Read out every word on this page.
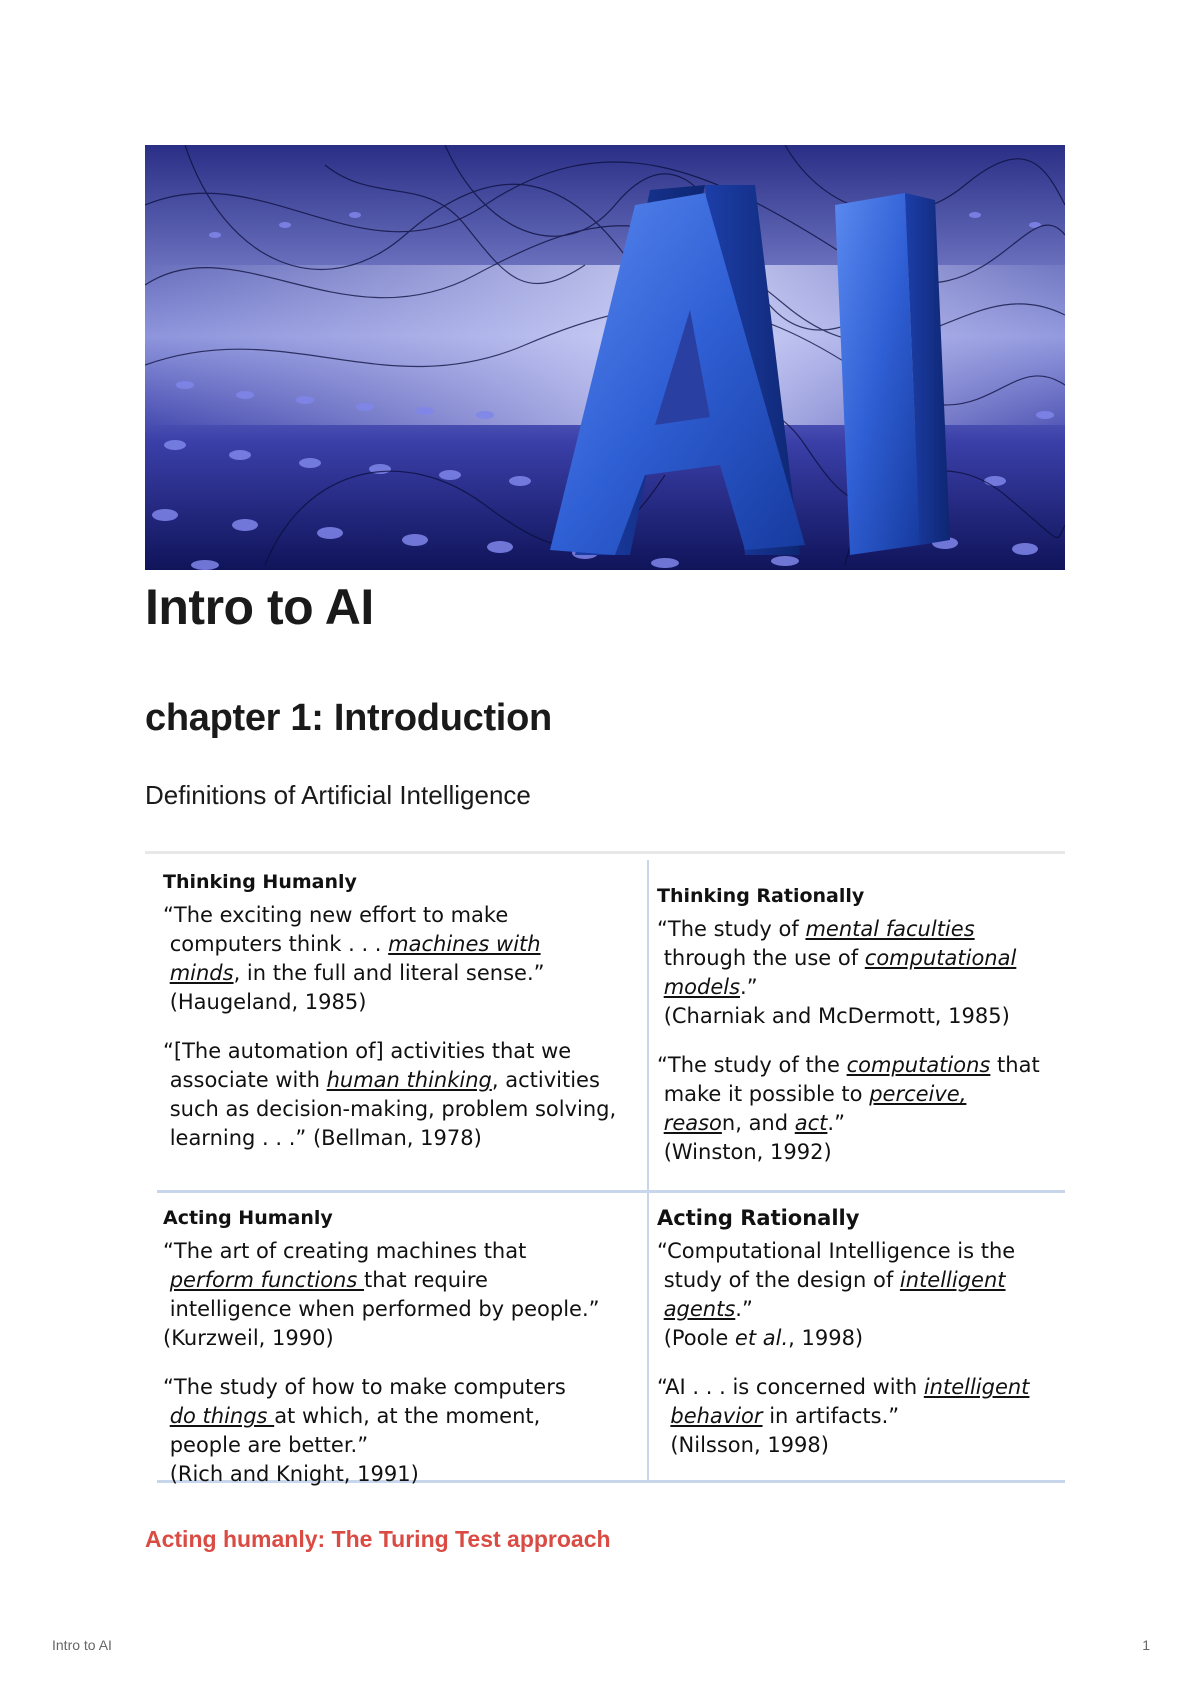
Intro to AI
chapter 1: Introduction
Definitions of Artificial Intelligence
Thinking Humanly

“The exciting new effort to make
computers think . . . machines with
minds, in the full and literal sense.”
(Haugeland, 1985)

“[The automation of] activities that we
associate with human thinking, activities
such as decision-making, problem solving,
learning . . .” (Bellman, 1978)

Thinking Rationally

“The study of mental faculties
through the use of computational
models.”
(Charniak and McDermott, 1985)

“The study of the computations that
make it possible to perceive,
reason, and act.”
(Winston, 1992)

Acting Humanly

“The art of creating machines that
perform functions that require
intelligence when performed by people.”
(Kurzweil, 1990)

“The study of how to make computers
do things at which, at the moment,
people are better.”
(Rich and Knight, 1991)

Acting Rationally

“Computational Intelligence is the
study of the design of intelligent
agents.”
(Poole et al., 1998)

“AI . . . is concerned with intelligent
behavior in artifacts.”
(Nilsson, 1998)

Acting humanly: The Turing Test approach
Intro to AI	1
